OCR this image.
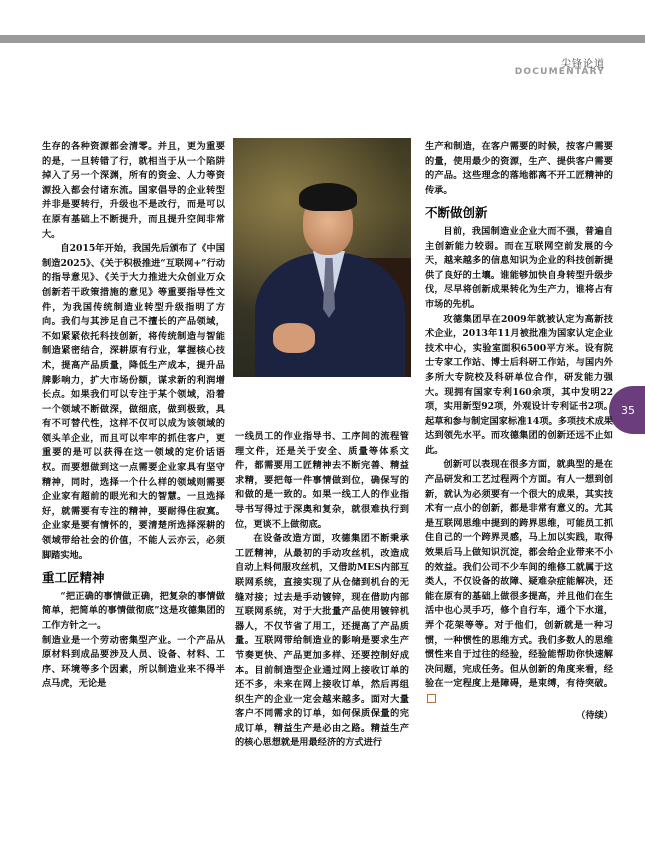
尖锋论道
DOCUMENTARY
35

生存的各种资源都会清零。并且，更为重要的是，一旦转错了行，就相当于从一个陷阱掉入了另一个深渊，所有的资金、人力等资源投入都会付诸东流。国家倡导的企业转型并非是要转行，升级也不是改行，而是可以在原有基础上不断提升，而且提升空间非常大。

自2015年开始，我国先后颁布了《中国制造2025》、《关于积极推进“互联网+”行动的指导意见》、《关于大力推进大众创业万众创新若干政策措施的意见》等重要指导性文件，为我国传统制造业转型升级指明了方向。我们与其涉足自己不擅长的产品领域，不如紧紧依托科技创新，将传统制造与智能制造紧密结合，深耕原有行业，掌握核心技术，提高产品质量，降低生产成本，提升品牌影响力，扩大市场份额，谋求新的利润增长点。如果我们可以专注于某个领域，沿着一个领域不断做深，做细底，做到极致，具有不可替代性，这样不仅可以成为该领域的领头羊企业，而且可以牢牢的抓住客户，更重要的是可以获得在这一领域的定价话语权。而要想做到这一点需要企业家具有坚守精神，同时，选择一个什么样的领域则需要企业家有超前的眼光和大的智慧。一旦选择好，就需要有专注的精神，要耐得住寂寞。企业家是要有情怀的，要清楚所选择深耕的领域带给社会的价值，不能人云亦云，必须脚踏实地。

重工匠精神

“把正确的事情做正确，把复杂的事情做简单，把简单的事情做彻底”这是攻德集团的工作方针之一。

制造业是一个劳动密集型产业。一个产品从原材料到成品要涉及人员、设备、材料、工序、环境等多个因素，所以制造业来不得半点马虎，无论是

一线员工的作业指导书、工序间的流程管理文件，还是关于安全、质量等体系文件，都需要用工匠精神去不断完善、精益求精，要把每一件事情做到位，确保写的和做的是一致的。如果一线工人的作业指导书写得过于深奥和复杂，就很难执行到位，更谈不上做彻底。

在设备改造方面，攻德集团不断秉承工匠精神，从最初的手动攻丝机，改造成自动上料伺服攻丝机，又借助MES内部互联网系统，直接实现了从仓储到机台的无缝对接；过去是手动镀锌，现在借助内部互联网系统，对于大批量产品使用镀锌机器人，不仅节省了用工，还提高了产品质量。互联网带给制造业的影响是要求生产节奏更快、产品更加多样、还要控制好成本。目前制造型企业通过网上接收订单的还不多，未来在网上接收订单，然后再组织生产的企业一定会越来越多。面对大量客户不同需求的订单，如何保质保量的完成订单，精益生产是必由之路。精益生产的核心思想就是用最经济的方式进行

生产和制造，在客户需要的时候，按客户需要的量，使用最少的资源，生产、提供客户需要的产品。这些理念的落地都离不开工匠精神的传承。

不断做创新

目前，我国制造业企业大而不强，普遍自主创新能力较弱。而在互联网空前发展的今天，越来越多的信息知识为企业的科技创新提供了良好的土壤。谁能够加快自身转型升级步伐，尽早将创新成果转化为生产力，谁将占有市场的先机。

攻德集团早在2009年就被认定为高新技术企业，2013年11月被批准为国家认定企业技术中心，实验室面积6500平方米。设有院士专家工作站、博士后科研工作站，与国内外多所大专院校及科研单位合作，研发能力强大。现拥有国家专利160余项，其中发明22项，实用新型92项，外观设计专利证书2项。起草和参与制定国家标准14项。多项技术成果达到领先水平。而攻德集团的创新还远不止如此。

创新可以表现在很多方面，就典型的是在产品研发和工艺过程两个方面。有人一想到创新，就认为必须要有一个很大的成果，其实技术有一点小的创新，都是非常有意义的。尤其是互联网思维中提到的跨界思维，可能员工抓住自己的一个跨界灵感，马上加以实践，取得效果后马上做知识沉淀，都会给企业带来不小的效益。我们公司不少车间的维修工就属于这类人，不仅设备的故障、疑难杂症能解决，还能在原有的基础上做很多提高，并且他们在生活中也心灵手巧，修个自行车，通个下水道，弄个花架等等。对于他们，创新就是一种习惯，一种惯性的思维方式。我们多数人的思维惯性来自于过往的经验，经验能帮助你快速解决问题，完成任务。但从创新的角度来看，经验在一定程度上是障碍，是束缚，有待突破。

（待续）
